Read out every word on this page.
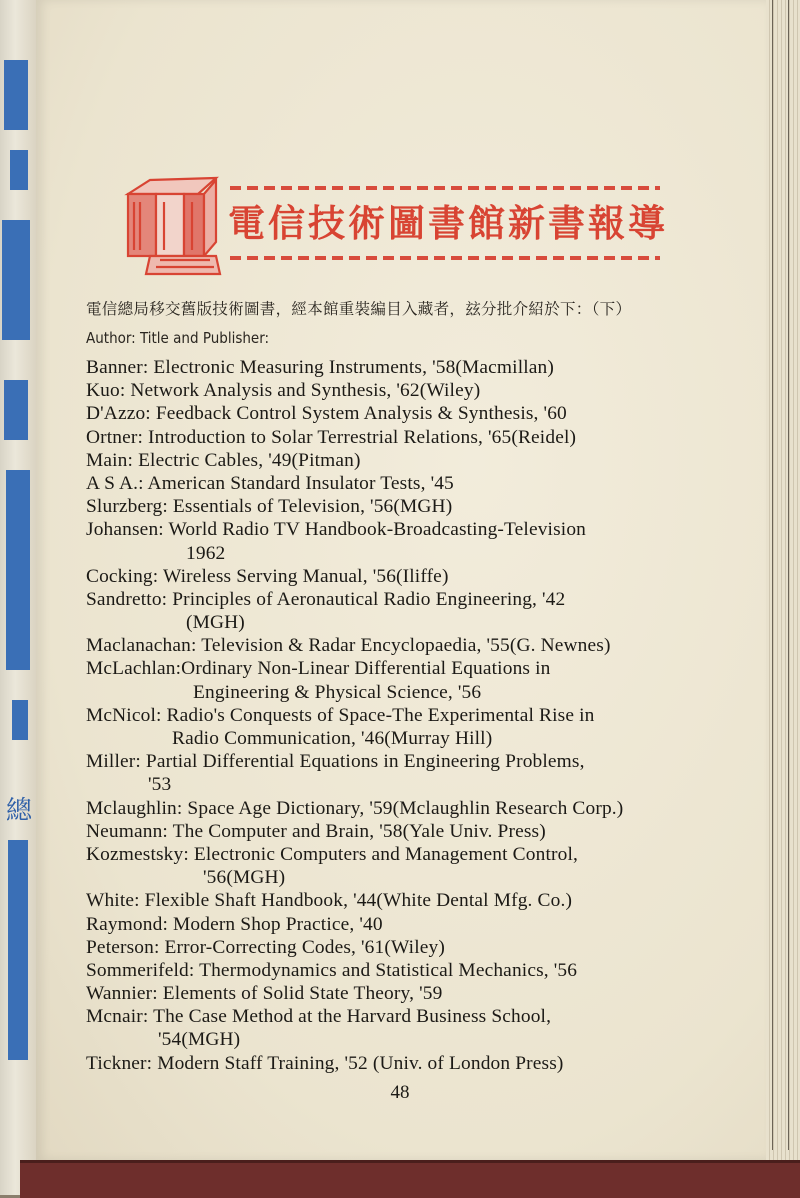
總
電信技術圖書館新書報導
電信總局移交舊版技術圖書，經本館重裝編目入藏者，玆分批介紹於下：（下）
Author: Title and Publisher:
Banner: Electronic Measuring Instruments, '58(Macmillan)
Kuo: Network Analysis and Synthesis, '62(Wiley)
D'Azzo: Feedback Control System Analysis & Synthesis, '60
Ortner: Introduction to Solar Terrestrial Relations, '65(Reidel)
Main: Electric Cables, '49(Pitman)
A S A.: American Standard Insulator Tests, '45
Slurzberg: Essentials of Television, '56(MGH)
Johansen: World Radio TV Handbook-Broadcasting-Television
1962
Cocking: Wireless Serving Manual, '56(Iliffe)
Sandretto: Principles of Aeronautical Radio Engineering, '42
(MGH)
Maclanachan: Television & Radar Encyclopaedia, '55(G. Newnes)
McLachlan:Ordinary Non-Linear Differential Equations in
Engineering & Physical Science, '56
McNicol: Radio's Conquests of Space-The Experimental Rise in
Radio Communication, '46(Murray Hill)
Miller: Partial Differential Equations in Engineering Problems,
'53
Mclaughlin: Space Age Dictionary, '59(Mclaughlin Research Corp.)
Neumann: The Computer and Brain, '58(Yale Univ. Press)
Kozmestsky: Electronic Computers and Management Control,
'56(MGH)
White: Flexible Shaft Handbook, '44(White Dental Mfg. Co.)
Raymond: Modern Shop Practice, '40
Peterson: Error-Correcting Codes, '61(Wiley)
Sommerifeld: Thermodynamics and Statistical Mechanics, '56
Wannier: Elements of Solid State Theory, '59
Mcnair: The Case Method at the Harvard Business School,
'54(MGH)
Tickner: Modern Staff Training, '52 (Univ. of London Press)
48
